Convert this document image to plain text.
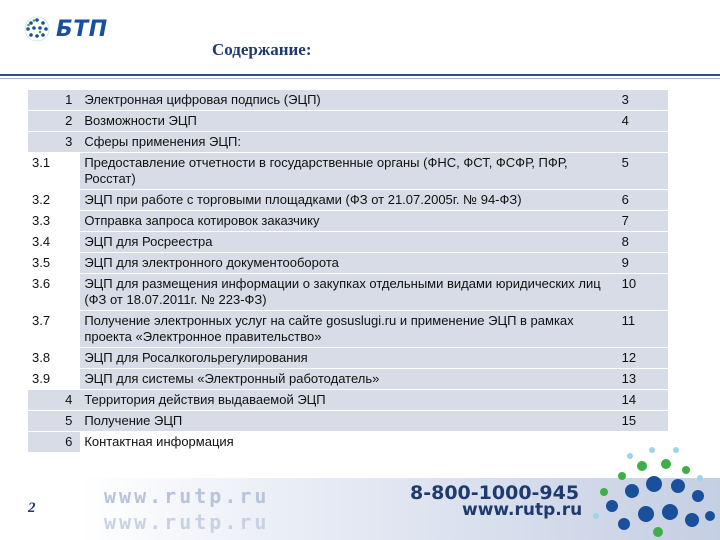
БТП
Содержание:
1	Электронная цифровая подпись (ЭЦП)	3
2	Возможности ЭЦП	4
3	Сферы применения ЭЦП:	
3.1	Предоставление отчетности в государственные органы (ФНС, ФСТ, ФСФР, ПФР, Росстат)	5
3.2	ЭЦП при работе с торговыми площадками (ФЗ от 21.07.2005г. № 94-ФЗ)	6
3.3	Отправка запроса котировок заказчику	7
3.4	ЭЦП для Росреестра	8
3.5	ЭЦП для электронного документооборота	9
3.6	ЭЦП для размещения информации о закупках отдельными видами юридических лиц (ФЗ от 18.07.2011г. № 223-ФЗ)	10
3.7	Получение электронных услуг на сайте gosuslugi.ru и применение ЭЦП в рамках проекта «Электронное правительство»	11
3.8	ЭЦП для Росалкогольрегулирования	12
3.9	ЭЦП для системы «Электронный работодатель»	13
4	Территория действия выдаваемой ЭЦП	14
5	Получение ЭЦП	15
6	Контактная информация	
www.rutp.ru
www.rutp.ru
8-800-1000-945
www.rutp.ru
2
